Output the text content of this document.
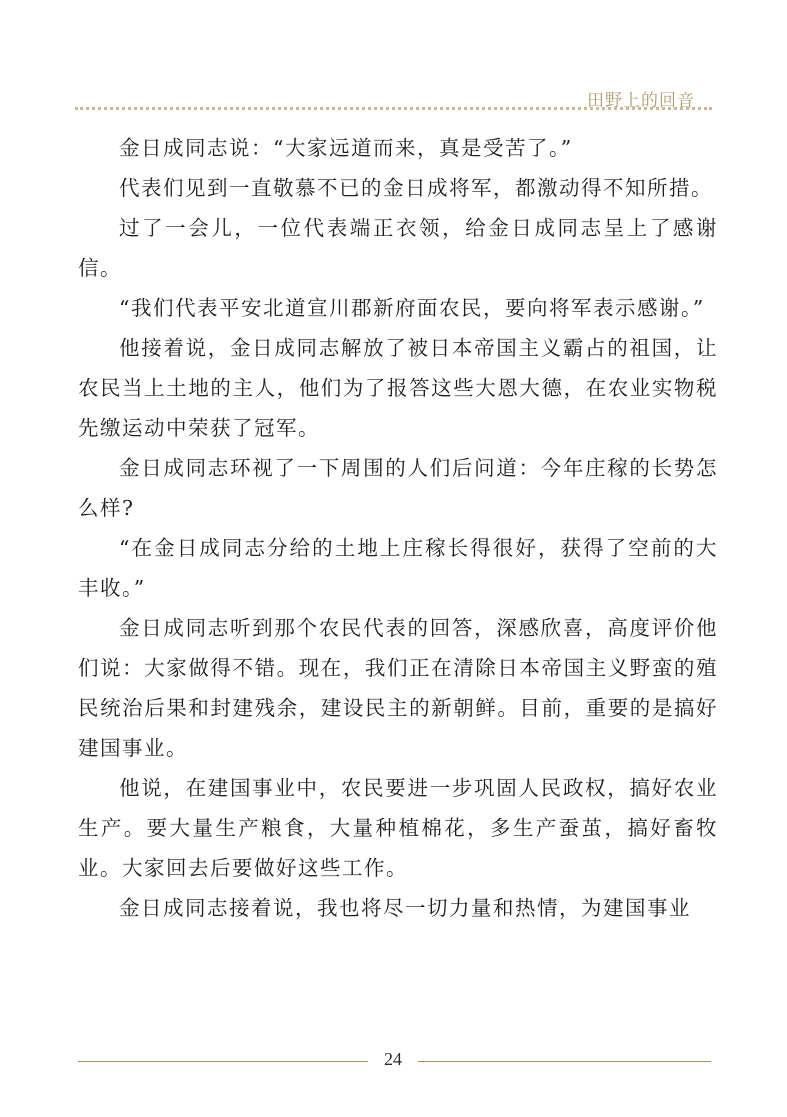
田野上的回音

金日成同志说：“大家远道而来，真是受苦了。”

代表们见到一直敬慕不已的金日成将军，都激动得不知所措。

过了一会儿，一位代表端正衣领，给金日成同志呈上了感谢信。

“我们代表平安北道宣川郡新府面农民，要向将军表示感谢。”

他接着说，金日成同志解放了被日本帝国主义霸占的祖国，让农民当上土地的主人，他们为了报答这些大恩大德，在农业实物税先缴运动中荣获了冠军。

金日成同志环视了一下周围的人们后问道：今年庄稼的长势怎么样?

“在金日成同志分给的土地上庄稼长得很好，获得了空前的大丰收。”

金日成同志听到那个农民代表的回答，深感欣喜，高度评价他们说：大家做得不错。现在，我们正在清除日本帝国主义野蛮的殖民统治后果和封建残余，建设民主的新朝鲜。目前，重要的是搞好建国事业。

他说，在建国事业中，农民要进一步巩固人民政权，搞好农业生产。要大量生产粮食，大量种植棉花，多生产蚕茧，搞好畜牧业。大家回去后要做好这些工作。

金日成同志接着说，我也将尽一切力量和热情，为建国事业

24
